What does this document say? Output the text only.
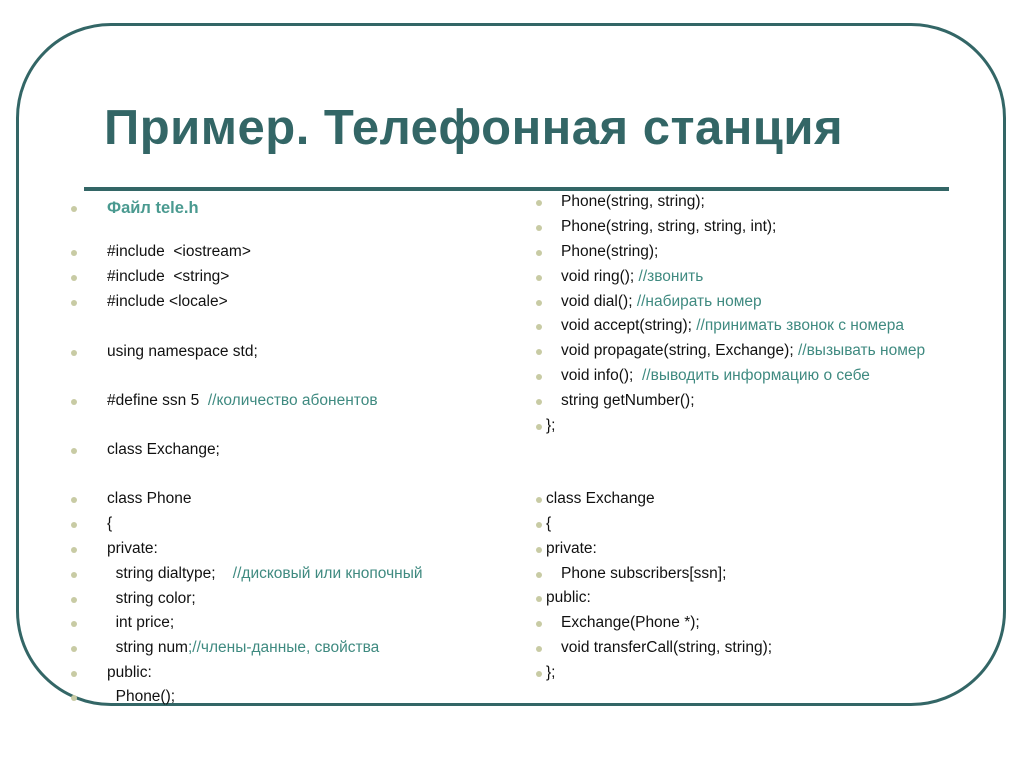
Пример. Телефонная станция
Файл tele.h
#include  <iostream>
#include  <string>
#include <locale>
using namespace std;
#define ssn 5  //количество абонентов
class Exchange;
class Phone
{
private:
string dialtype;    //дисковый или кнопочный
string color;
int price;
string num;//члены-данные, свойства
public:
Phone();
Phone(string, string);
Phone(string, string, string, int);
Phone(string);
void ring(); //звонить
void dial(); //набирать номер
void accept(string); //принимать звонок с номера
void propagate(string, Exchange); //вызывать номер
void info();  //выводить информацию о себе
string getNumber();
};
class Exchange
{
private:
Phone subscribers[ssn];
public:
Exchange(Phone *);
void transferCall(string, string);
};
